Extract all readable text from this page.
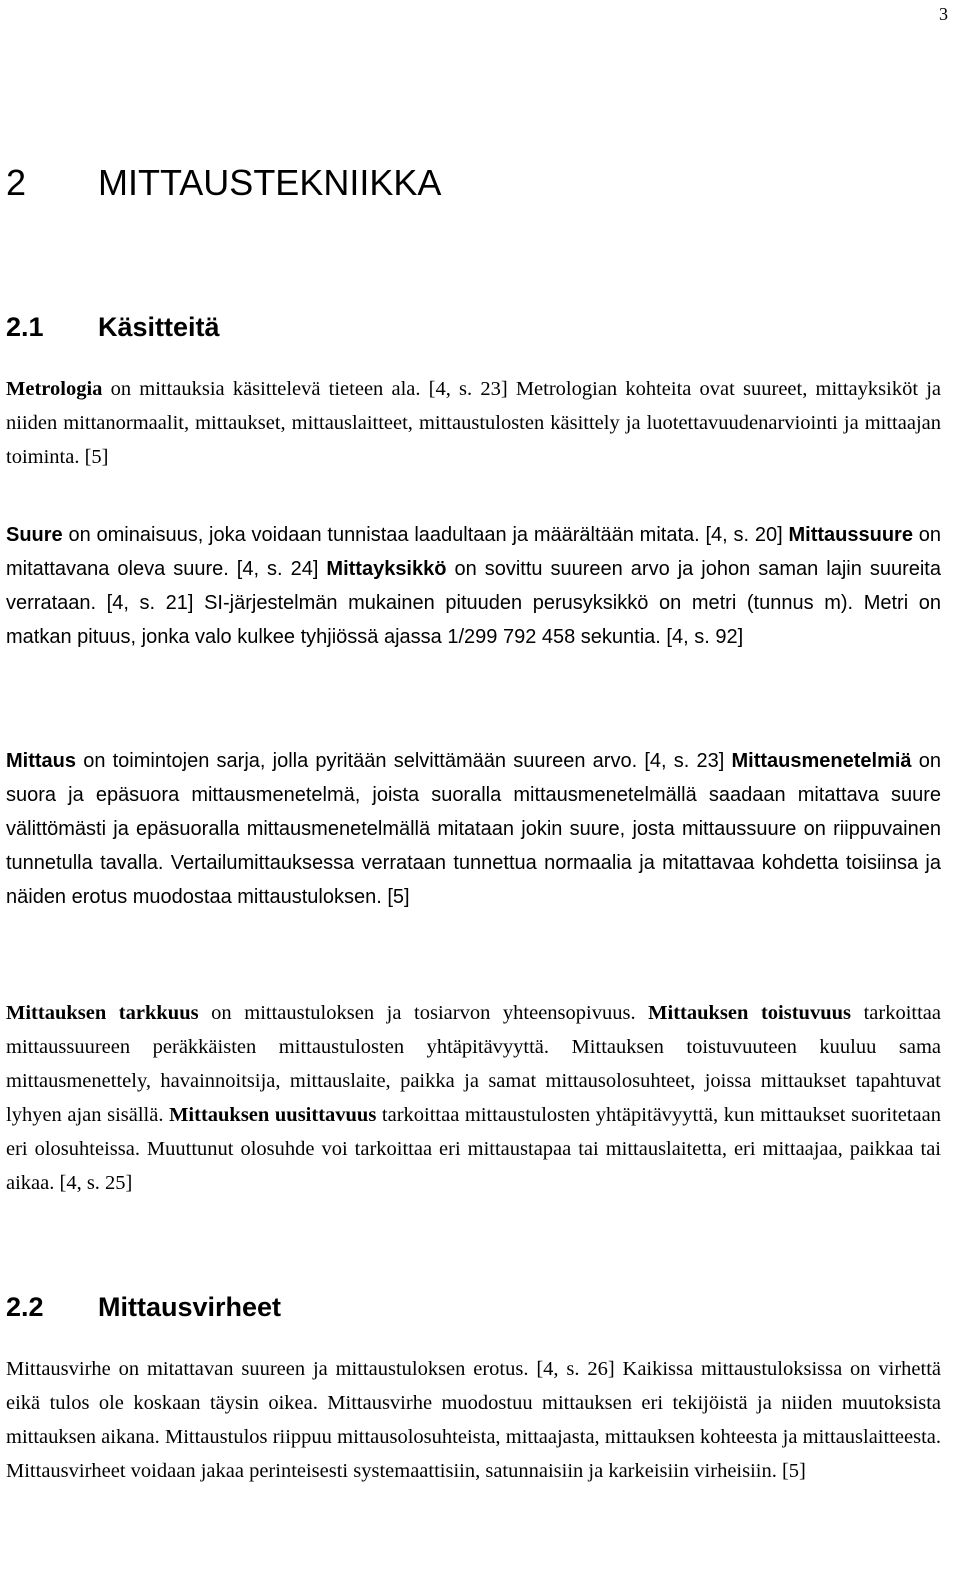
3
2 MITTAUSTEKNIIKKA
2.1 Käsitteitä

Metrologia on mittauksia käsittelevä tieteen ala. [4, s. 23] Metrologian kohteita ovat suureet, mittayksiköt ja niiden mittanormaalit, mittaukset, mittauslaitteet, mittaustulosten käsittely ja luotettavuudenarviointi ja mittaajan toiminta. [5]

Suure on ominaisuus, joka voidaan tunnistaa laadultaan ja määrältään mitata. [4, s. 20] Mittaussuure on mitattavana oleva suure. [4, s. 24] Mittayksikkö on sovittu suureen arvo ja johon saman lajin suureita verrataan. [4, s. 21] SI-järjestelmän mukainen pituuden perusyksikkö on metri (tunnus m). Metri on matkan pituus, jonka valo kulkee tyhjiössä ajassa 1/299 792 458 sekuntia. [4, s. 92]

Mittaus on toimintojen sarja, jolla pyritään selvittämään suureen arvo. [4, s. 23] Mittausmenetelmiä on suora ja epäsuora mittausmenetelmä, joista suoralla mittausmenetelmällä saadaan mitattava suure välittömästi ja epäsuoralla mittausmenetelmällä mitataan jokin suure, josta mittaussuure on riippuvainen tunnetulla tavalla. Vertailumittauksessa verrataan tunnettua normaalia ja mitattavaa kohdetta toisiinsa ja näiden erotus muodostaa mittaustuloksen. [5]

Mittauksen tarkkuus on mittaustuloksen ja tosiarvon yhteensopivuus. Mittauksen toistuvuus tarkoittaa mittaussuureen peräkkäisten mittaustulosten yhtäpitävyyttä. Mittauksen toistuvuuteen kuuluu sama mittausmenettely, havainnoitsija, mittauslaite, paikka ja samat mittausolosuhteet, joissa mittaukset tapahtuvat lyhyen ajan sisällä. Mittauksen uusittavuus tarkoittaa mittaustulosten yhtäpitävyyttä, kun mittaukset suoritetaan eri olosuhteissa. Muuttunut olosuhde voi tarkoittaa eri mittaustapaa tai mittauslaitetta, eri mittaajaa, paikkaa tai aikaa. [4, s. 25]

2.2 Mittausvirheet

Mittausvirhe on mitattavan suureen ja mittaustuloksen erotus. [4, s. 26] Kaikissa mittaustuloksissa on virhettä eikä tulos ole koskaan täysin oikea. Mittausvirhe muodostuu mittauksen eri tekijöistä ja niiden muutoksista mittauksen aikana. Mittaustulos riippuu mittausolosuhteista, mittaajasta, mittauksen kohteesta ja mittauslaitteesta. Mittausvirheet voidaan jakaa perinteisesti systemaattisiin, satunnaisiin ja karkeisiin virheisiin. [5]
